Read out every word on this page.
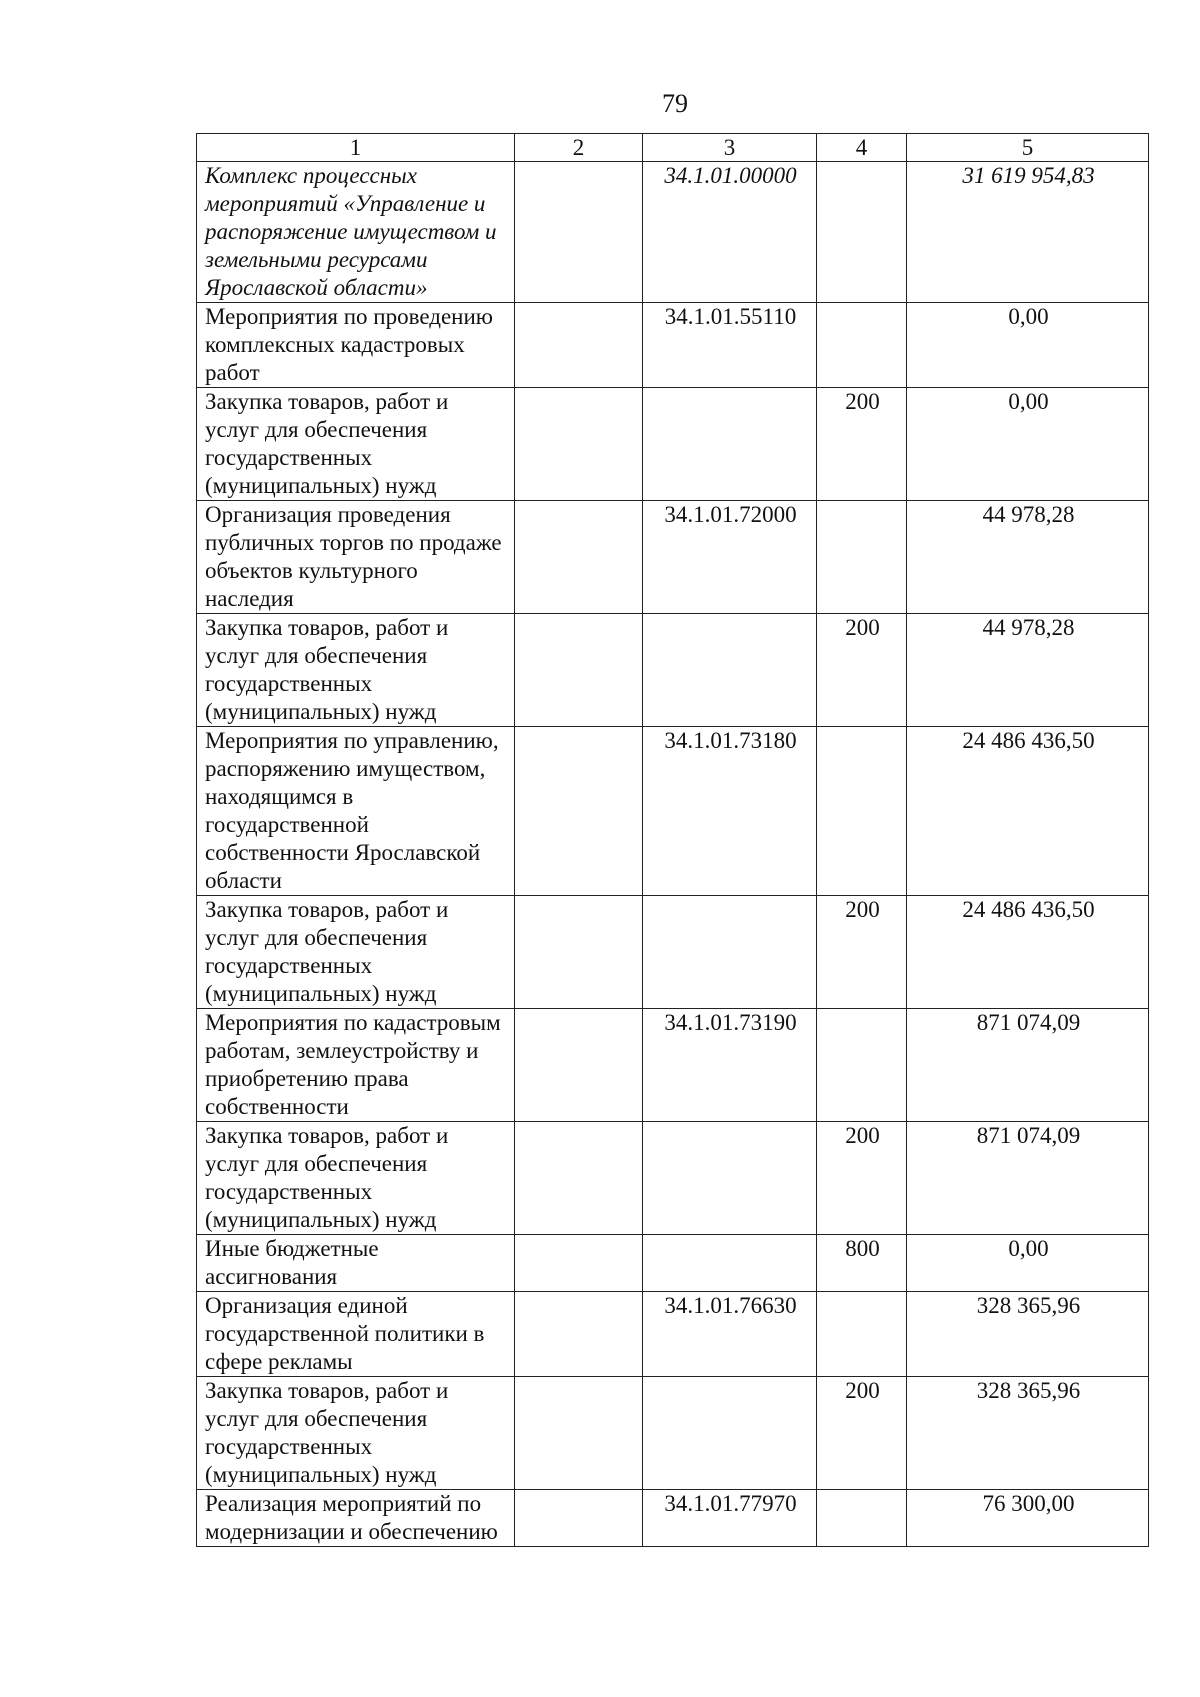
79
1	2	3	4	5
Комплекс процессных мероприятий «Управление и распоряжение имуществом и земельными ресурсами Ярославской области»		34.1.01.00000		31 619 954,83
Мероприятия по проведению комплексных кадастровых работ		34.1.01.55110		0,00
Закупка товаров, работ и услуг для обеспечения государственных (муниципальных) нужд			200	0,00
Организация проведения публичных торгов по продаже объектов культурного наследия		34.1.01.72000		44 978,28
Закупка товаров, работ и услуг для обеспечения государственных (муниципальных) нужд			200	44 978,28
Мероприятия по управлению, распоряжению имуществом, находящимся в государственной собственности Ярославской области		34.1.01.73180		24 486 436,50
Закупка товаров, работ и услуг для обеспечения государственных (муниципальных) нужд			200	24 486 436,50
Мероприятия по кадастровым работам, землеустройству и приобретению права собственности		34.1.01.73190		871 074,09
Закупка товаров, работ и услуг для обеспечения государственных (муниципальных) нужд			200	871 074,09
Иные бюджетные ассигнования			800	0,00
Организация единой государственной политики в сфере рекламы		34.1.01.76630		328 365,96
Закупка товаров, работ и услуг для обеспечения государственных (муниципальных) нужд			200	328 365,96
Реализация мероприятий по модернизации и обеспечению		34.1.01.77970		76 300,00
